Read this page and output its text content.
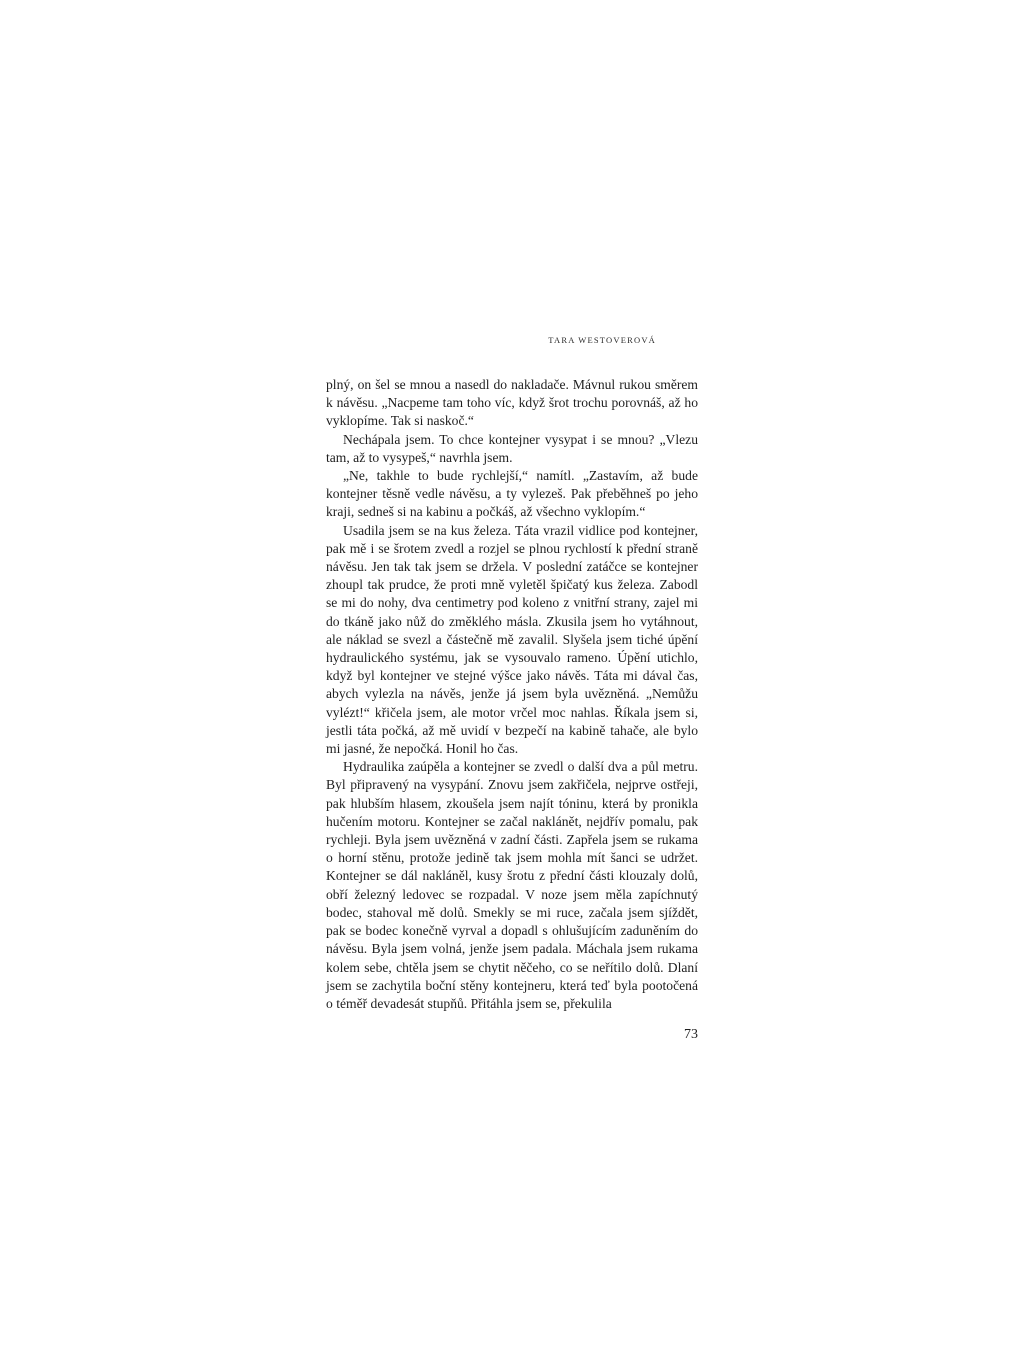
TARA WESTOVEROVÁ

plný, on šel se mnou a nasedl do nakladače. Mávnul rukou směrem k návěsu. „Nacpeme tam toho víc, když šrot trochu porovnáš, až ho vyklopíme. Tak si naskoč.“

Nechápala jsem. To chce kontejner vysypat i se mnou? „Vlezu tam, až to vysypeš,“ navrhla jsem.

„Ne, takhle to bude rychlejší,“ namítl. „Zastavím, až bude kontejner těsně vedle návěsu, a ty vylezeš. Pak přeběhneš po jeho kraji, sedneš si na kabinu a počkáš, až všechno vyklopím.“

Usadila jsem se na kus železa. Táta vrazil vidlice pod kontejner, pak mě i se šrotem zvedl a rozjel se plnou rychlostí k přední straně návěsu. Jen tak tak jsem se držela. V poslední zatáčce se kontejner zhoupl tak prudce, že proti mně vyletěl špičatý kus železa. Zabodl se mi do nohy, dva centimetry pod koleno z vnitřní strany, zajel mi do tkáně jako nůž do změklého másla. Zkusila jsem ho vytáhnout, ale náklad se svezl a částečně mě zavalil. Slyšela jsem tiché úpění hydraulického systému, jak se vysouvalo rameno. Úpění utichlo, když byl kontejner ve stejné výšce jako návěs. Táta mi dával čas, abych vylezla na návěs, jenže já jsem byla uvězněná. „Nemůžu vylézt!“ křičela jsem, ale motor vrčel moc nahlas. Říkala jsem si, jestli táta počká, až mě uvidí v bezpečí na kabině tahače, ale bylo mi jasné, že nepočká. Honil ho čas.

Hydraulika zaúpěla a kontejner se zvedl o další dva a půl metru. Byl připravený na vysypání. Znovu jsem zakřičela, nejprve ostřeji, pak hlubším hlasem, zkoušela jsem najít tóninu, která by pronikla hučením motoru. Kontejner se začal naklánět, nejdřív pomalu, pak rychleji. Byla jsem uvězněná v zadní části. Zapřela jsem se rukama o horní stěnu, protože jedině tak jsem mohla mít šanci se udržet. Kontejner se dál nakláněl, kusy šrotu z přední části klouzaly dolů, obří železný ledovec se rozpadal. V noze jsem měla zapíchnutý bodec, stahoval mě dolů. Smekly se mi ruce, začala jsem sjíždět, pak se bodec konečně vyrval a dopadl s ohlušujícím zaduněním do návěsu. Byla jsem volná, jenže jsem padala. Máchala jsem rukama kolem sebe, chtěla jsem se chytit něčeho, co se neřítilo dolů. Dlaní jsem se zachytila boční stěny kontejneru, která teď byla pootočená o téměř devadesát stupňů. Přitáhla jsem se, překulila

73
